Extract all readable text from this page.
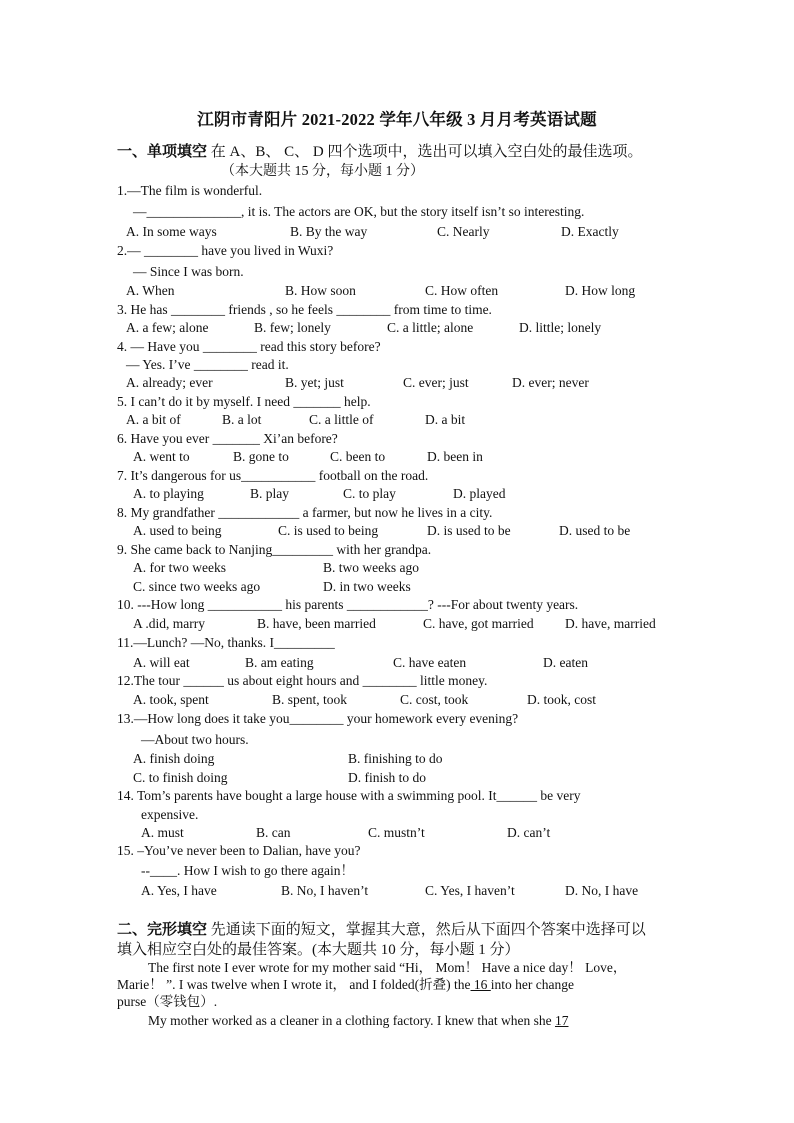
江阴市青阳片 2021-2022 学年八年级 3 月月考英语试题
一、单项填空 在 A、B、 C、 D 四个选项中，选出可以填入空白处的最佳选项。
（本大题共 15 分，每小题 1 分）
1.—The film is wonderful.
—______________, it is. The actors are OK, but the story itself isn’t so interesting.
A. In some ways	B. By the way	C. Nearly	D. Exactly
2.— ________ have you lived in Wuxi?
— Since I was born.
A. When	B. How soon	C. How often	D. How long
3. He has ________ friends , so he feels ________ from time to time.
A. a few; alone	B. few; lonely	C. a little; alone	D. little; lonely
4. — Have you ________ read this story before?
— Yes. I’ve ________ read it.
A. already; ever	B. yet; just	C. ever; just	D. ever; never
5. I can’t do it by myself. I need _______ help.
A. a bit of	B. a lot	C. a little of	D. a bit
6. Have you ever _______ Xi’an before?
A. went to	B. gone to	C. been to	D. been in
7. It’s dangerous for us___________ football on the road.
A. to playing	B. play	C. to play	D. played
8. My grandfather ____________ a farmer, but now he lives in a city.
A. used to being	C. is used to being	D. is used to be	D. used to be
9. She came back to Nanjing_________ with her grandpa.
A. for two weeks	B. two weeks ago
C. since two weeks ago	D. in two weeks
10. ---How long ___________ his parents ____________? ---For about twenty years.
A .did, marry	B. have, been married	C. have, got married D. have, married
11.—Lunch? —No, thanks. I_________
A. will eat	B. am eating	C. have eaten	D. eaten
12.The tour ______ us about eight hours and ________ little money.
A. took, spent	B. spent, took	C. cost, took	D. took, cost
13.—How long does it take you________ your homework every evening?
—About two hours.
A. finish doing	B. finishing to do
C. to finish doing	D. finish to do
14. Tom’s parents have bought a large house with a swimming pool. It______ be very
expensive.
A. must	B. can	C. mustn’t	D. can’t
15. –You’ve never been to Dalian, have you?
--____. How I wish to go there again！
A. Yes, I have	B. No, I haven’t	C. Yes, I haven’t	D. No, I have
二、完形填空 先通读下面的短文，掌握其大意，然后从下面四个答案中选择可以
填入相应空白处的最佳答案。(本大题共 10 分，每小题 1 分）
The first note I ever wrote for my mother said “Hi， Mom！ Have a nice day！ Love，
Marie！ ”. I was twelve when I wrote it， and I folded(折叠) the 16 into her change
purse（零钱包）.
My mother worked as a cleaner in a clothing factory. I knew that when she 17
